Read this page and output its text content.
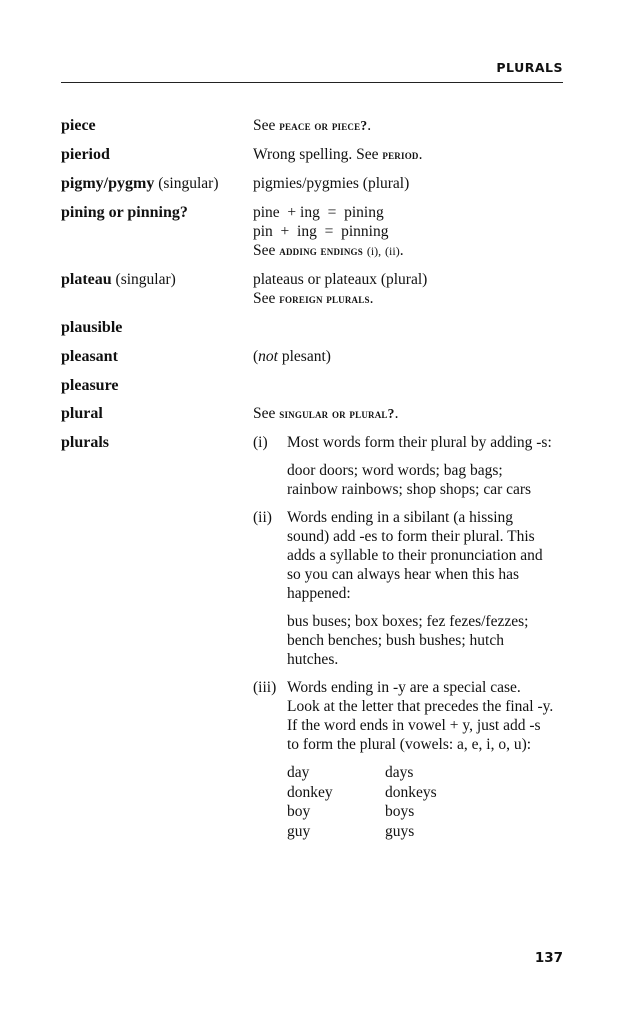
PLURALS
piece	See peace or piece?.
pieriod	Wrong spelling. See period.
pigmy/pygmy (singular)	pigmies/pygmies (plural)
pining or pinning?	pine  + ing  =  pining
pin  +  ing  =  pinning
See adding endings (i), (ii).
plateau (singular)	plateaus or plateaux (plural)
See foreign plurals.
plausible
pleasant	(not plesant)
pleasure
plural	See singular or plural?.
plurals	(i)	Most words form their plural by adding -s:
door doors; word words; bag bags; rainbow rainbows; shop shops; car cars
(ii) Words ending in a sibilant (a hissing sound) add -es to form their plural. This adds a syllable to their pronunciation and so you can always hear when this has happened:
bus buses; box boxes; fez fezes/fezzes; bench benches; bush bushes; hutch hutches.
(iii) Words ending in -y are a special case. Look at the letter that precedes the final -y. If the word ends in vowel + y, just add -s to form the plural (vowels: a, e, i, o, u):
day	days
donkey	donkeys
boy	boys
guy	guys
137
